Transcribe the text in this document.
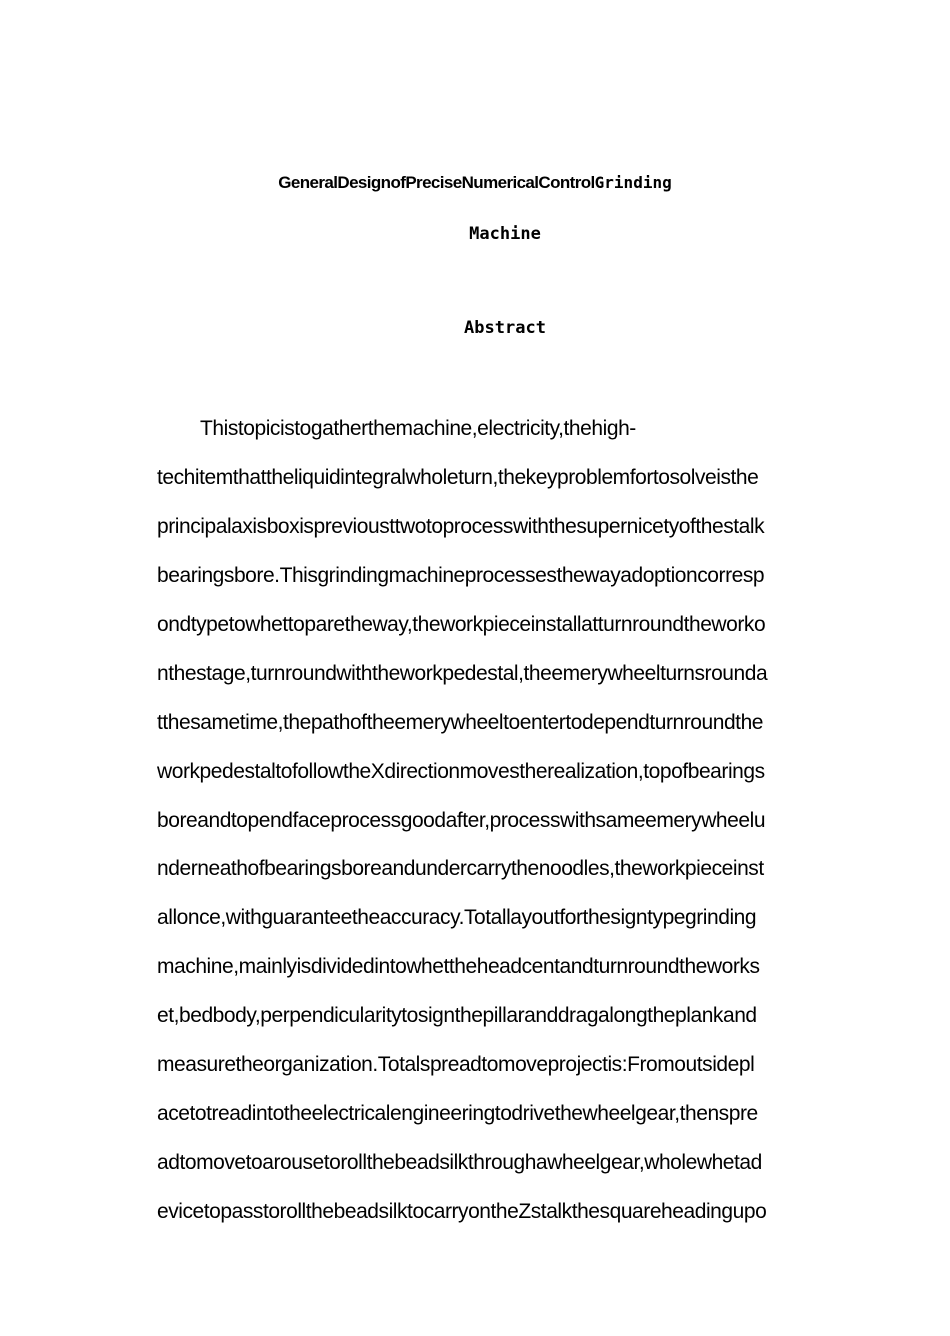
GeneralDesignofPreciseNumericalControlGrinding
Machine
Abstract
Thistopicistogatherthemachine,electricity,thehigh-
techitemthattheliquidintegralwholeturn,thekeyproblemfortosolveisthe
principalaxisboxispreviousttwotoprocesswiththesupernicetyofthestalk
bearingsbore.Thisgrindingmachineprocessesthewayadoptioncorresp
ondtypetowhettoparetheway,theworkpieceinstallatturnroundtheworko
nthestage,turnroundwiththeworkpedestal,theemerywheelturnsrounda
tthesametime,thepathoftheemerywheeltoentertodependturnroundthe
workpedestaltofollowtheXdirectionmovestherealization,topofbearings
boreandtopendfaceprocessgoodafter,processwithsameemerywheelu
nderneathofbearingsboreandundercarrythenoodles,theworkpieceinst
allonce,withguaranteetheaccuracy.Totallayoutforthesigntypegrinding
machine,mainlyisdividedintowhettheheadcentandturnroundtheworks
et,bedbody,perpendicularitytosignthepillaranddragalongtheplankand
measuretheorganization.Totalspreadtomoveprojectis:Fromoutsidepl
acetotreadintotheelectricalengineeringtodrivethewheelgear,thenspre
adtomovetoarousetorollthebeadsilkthroughawheelgear,wholewhetad
evicetopasstorollthebeadsilktocarryontheZstalkthesquareheadingupo
